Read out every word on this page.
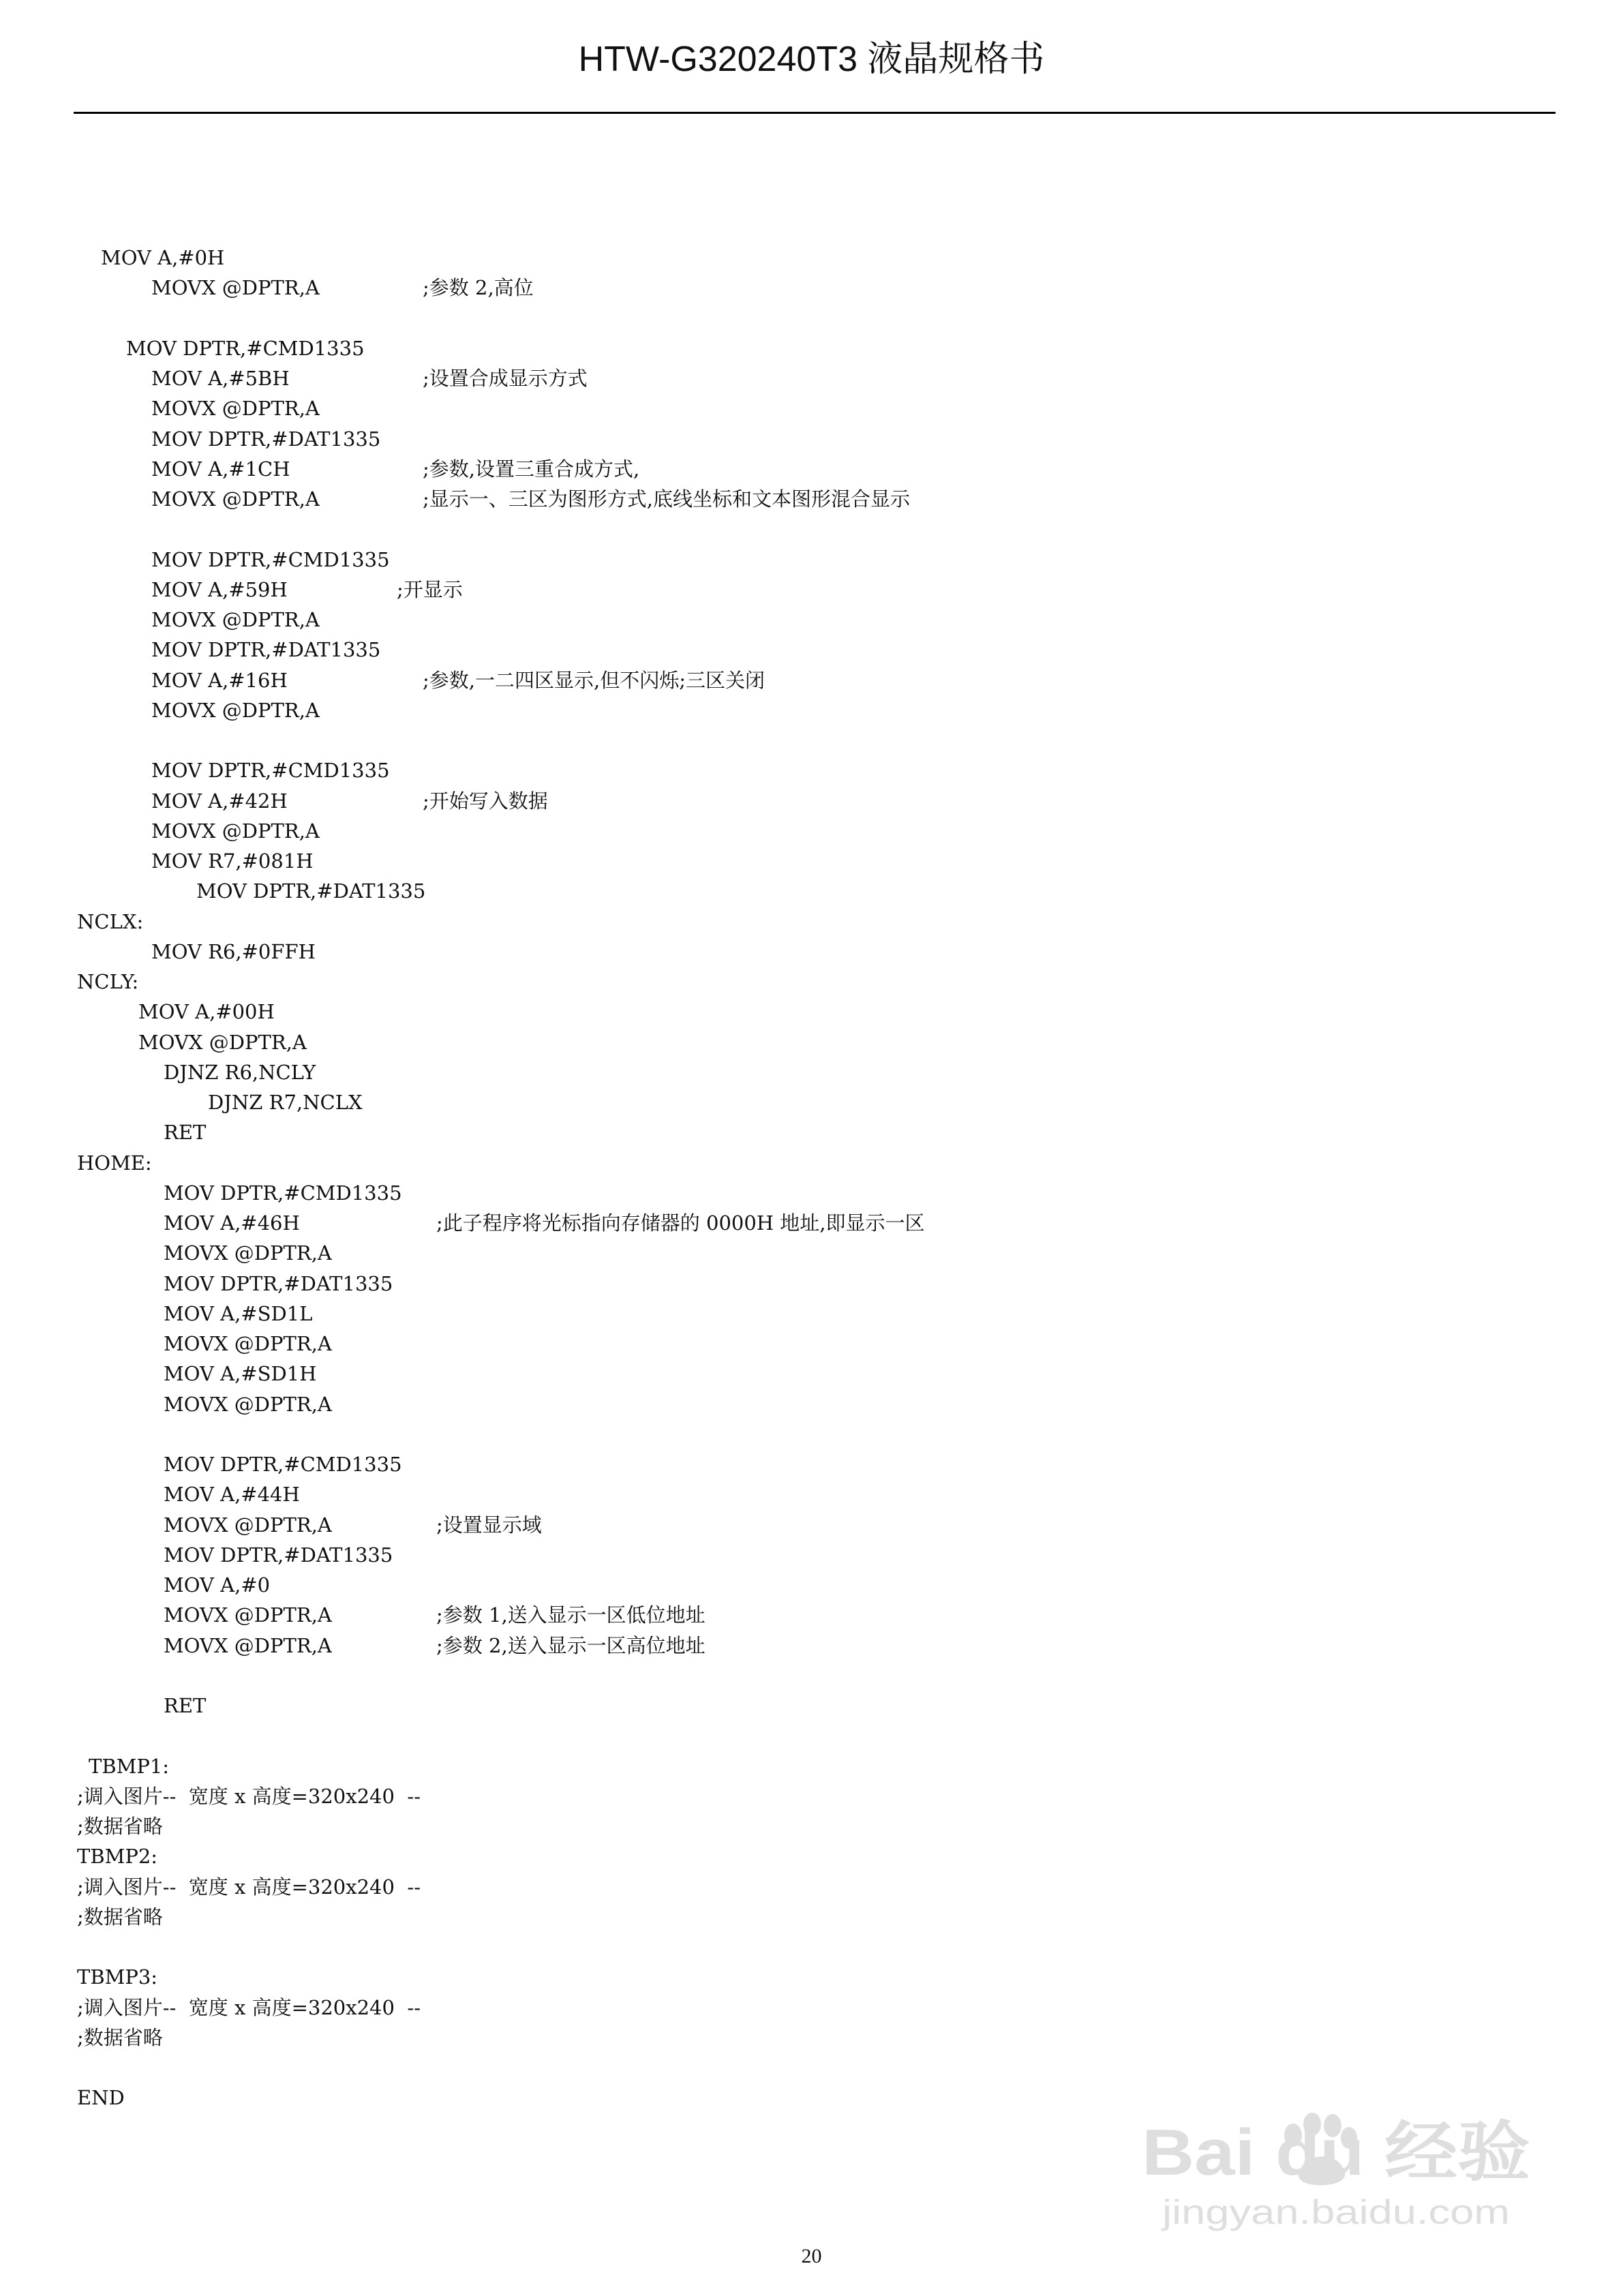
HTW-G320240T3 液晶规格书
MOV A,#0H
MOVX @DPTR,A	;参数 2,高位
MOV DPTR,#CMD1335
MOV A,#5BH	;设置合成显示方式
MOVX @DPTR,A
MOV DPTR,#DAT1335
MOV A,#1CH	;参数,设置三重合成方式,
MOVX @DPTR,A	;显示一、三区为图形方式,底线坐标和文本图形混合显示
MOV DPTR,#CMD1335
MOV A,#59H	;开显示
MOVX @DPTR,A
MOV DPTR,#DAT1335
MOV A,#16H	;参数,一二四区显示,但不闪烁;三区关闭
MOVX @DPTR,A
MOV DPTR,#CMD1335
MOV A,#42H	;开始写入数据
MOVX @DPTR,A
MOV R7,#081H
MOV DPTR,#DAT1335
NCLX:
MOV R6,#0FFH
NCLY:
MOV A,#00H
MOVX @DPTR,A
DJNZ R6,NCLY
DJNZ R7,NCLX
RET
HOME:
MOV DPTR,#CMD1335
MOV A,#46H	;此子程序将光标指向存储器的 0000H 地址,即显示一区
MOVX @DPTR,A
MOV DPTR,#DAT1335
MOV A,#SD1L
MOVX @DPTR,A
MOV A,#SD1H
MOVX @DPTR,A
MOV DPTR,#CMD1335
MOV A,#44H
MOVX @DPTR,A	;设置显示域
MOV DPTR,#DAT1335
MOV A,#0
MOVX @DPTR,A	;参数 1,送入显示一区低位地址
MOVX @DPTR,A	;参数 2,送入显示一区高位地址
RET
TBMP1:
;调入图片--  宽度 x 高度=320x240  --
;数据省略
TBMP2:
;调入图片--  宽度 x 高度=320x240  --
;数据省略
TBMP3:
;调入图片--  宽度 x 高度=320x240  --
;数据省略
END
Bai du 经验
jingyan.baidu.com
20
